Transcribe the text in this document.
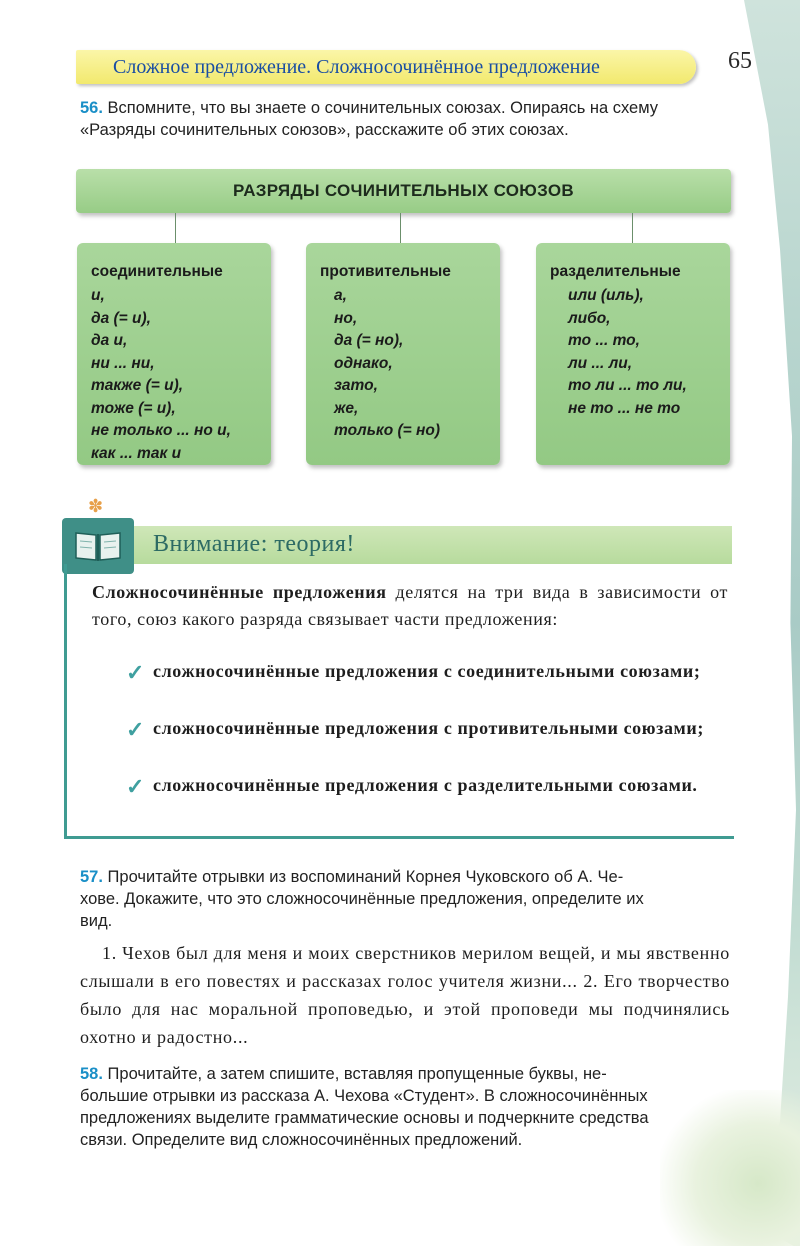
Сложное предложение. Сложносочинённое предложение	65
56. Вспомните, что вы знаете о сочинительных союзах. Опираясь на схему
«Разряды сочинительных союзов», расскажите об этих союзах.
РАЗРЯДЫ СОЧИНИТЕЛЬНЫХ СОЮЗОВ
соединительные
и,
да (= и),
да и,
ни ... ни,
также (= и),
тоже (= и),
не только ... но и,
как ... так и
противительные
а,
но,
да (= но),
однако,
зато,
же,
только (= но)
разделительные
или (иль),
либо,
то ... то,
ли ... ли,
то ли ... то ли,
не то ... не то
✽
Внимание: теория!
Сложносочинённые предложения делятся на три вида в зависимости от того, союз какого разряда связывает части предложения:
✓ сложносочинённые предложения с соединительными союзами;
✓ сложносочинённые предложения с противительными союзами;
✓ сложносочинённые предложения с разделительными союзами.
57. Прочитайте отрывки из воспоминаний Корнея Чуковского об А. Че-
хове. Докажите, что это сложносочинённые предложения, определите их
вид.
1. Чехов был для меня и моих сверстников мерилом вещей, и мы явственно слышали в его повестях и рассказах голос учителя жизни... 2. Его творчество было для нас моральной проповедью, и этой проповеди мы подчинялись охотно и радостно...
58. Прочитайте, а затем спишите, вставляя пропущенные буквы, не-
большие отрывки из рассказа А. Чехова «Студент». В сложносочинённых
предложениях выделите грамматические основы и подчеркните средства
связи. Определите вид сложносочинённых предложений.
